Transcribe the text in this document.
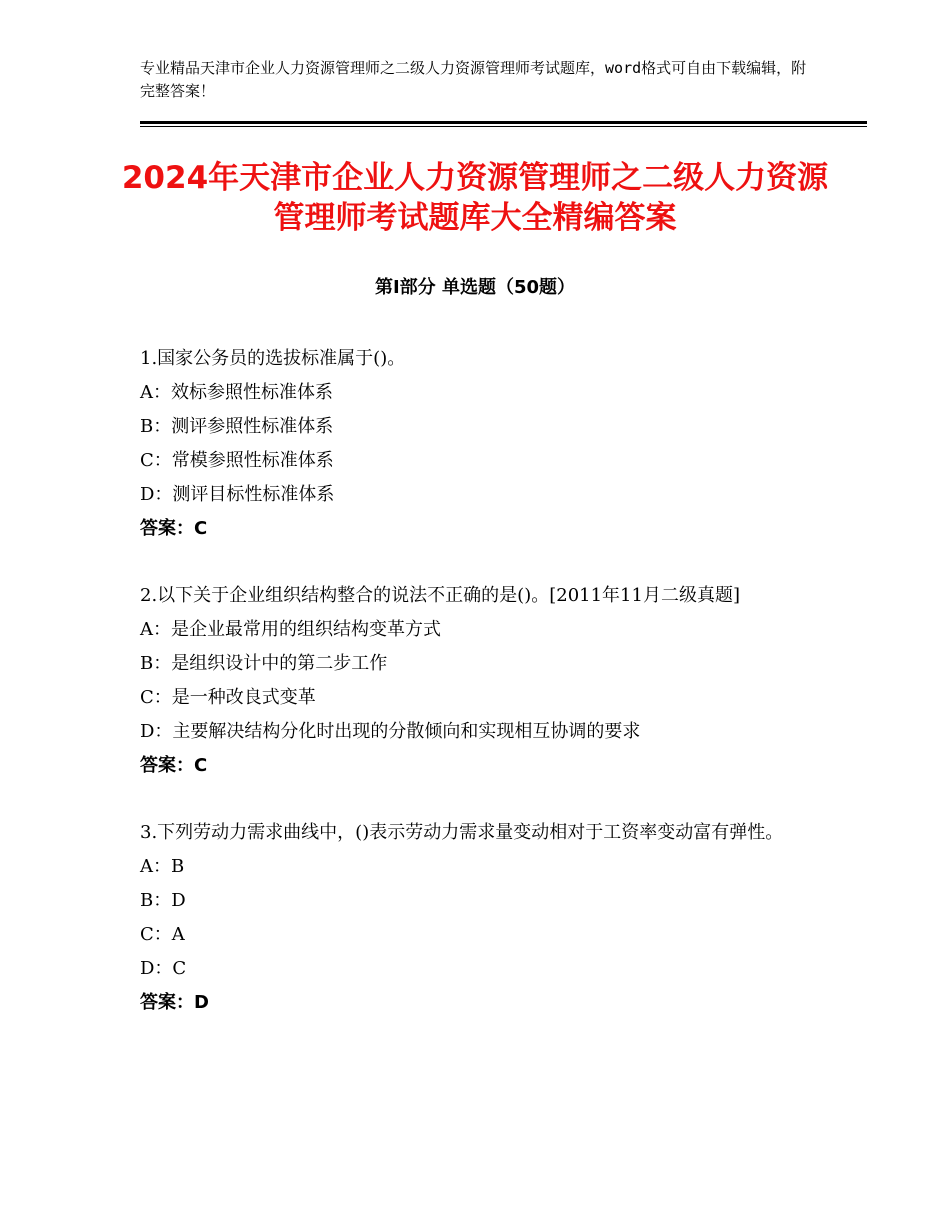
专业精品天津市企业人力资源管理师之二级人力资源管理师考试题库，word格式可自由下载编辑，附完整答案！
2024年天津市企业人力资源管理师之二级人力资源管理师考试题库大全精编答案
第Ⅰ部分 单选题（50题）
1.国家公务员的选拔标准属于()。
A：效标参照性标准体系
B：测评参照性标准体系
C：常模参照性标准体系
D：测评目标性标准体系
答案：C
2.以下关于企业组织结构整合的说法不正确的是()。[2011年11月二级真题]
A：是企业最常用的组织结构变革方式
B：是组织设计中的第二步工作
C：是一种改良式变革
D：主要解决结构分化时出现的分散倾向和实现相互协调的要求
答案：C
3.下列劳动力需求曲线中，()表示劳动力需求量变动相对于工资率变动富有弹性。
A：B
B：D
C：A
D：C
答案：D
